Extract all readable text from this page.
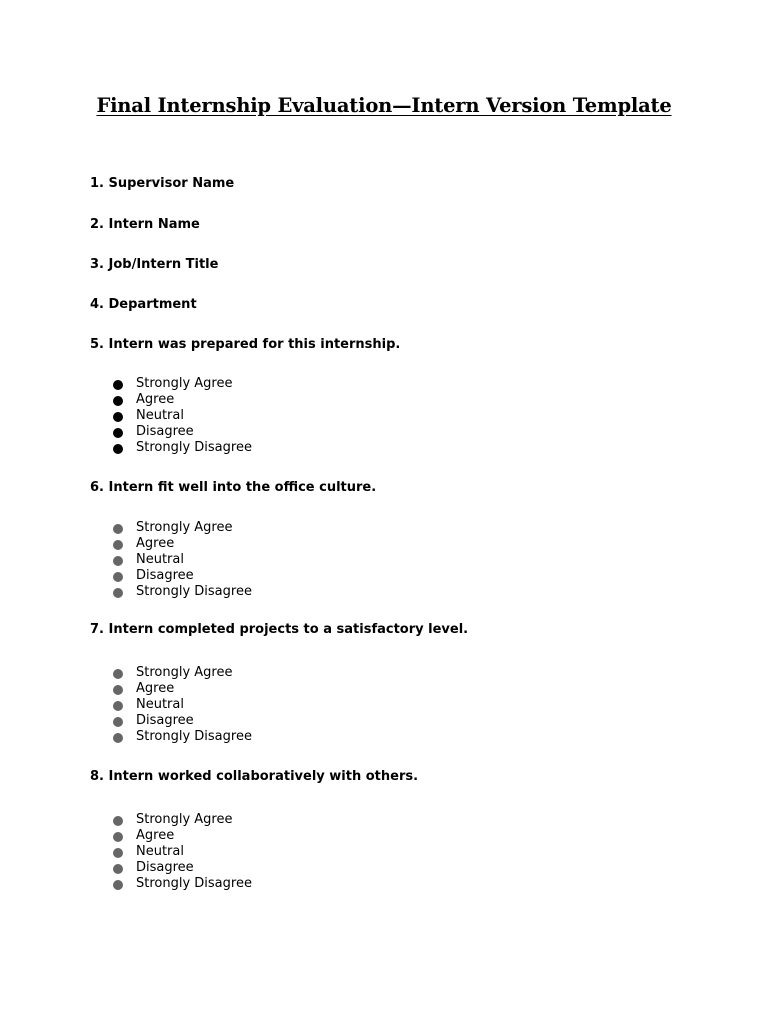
Final Internship Evaluation—Intern Version Template
1. Supervisor Name
2. Intern Name
3. Job/Intern Title
4. Department
5. Intern was prepared for this internship.
Strongly Agree
Agree
Neutral
Disagree
Strongly Disagree
6. Intern fit well into the office culture.
Strongly Agree
Agree
Neutral
Disagree
Strongly Disagree
7. Intern completed projects to a satisfactory level.
Strongly Agree
Agree
Neutral
Disagree
Strongly Disagree
8. Intern worked collaboratively with others.
Strongly Agree
Agree
Neutral
Disagree
Strongly Disagree
